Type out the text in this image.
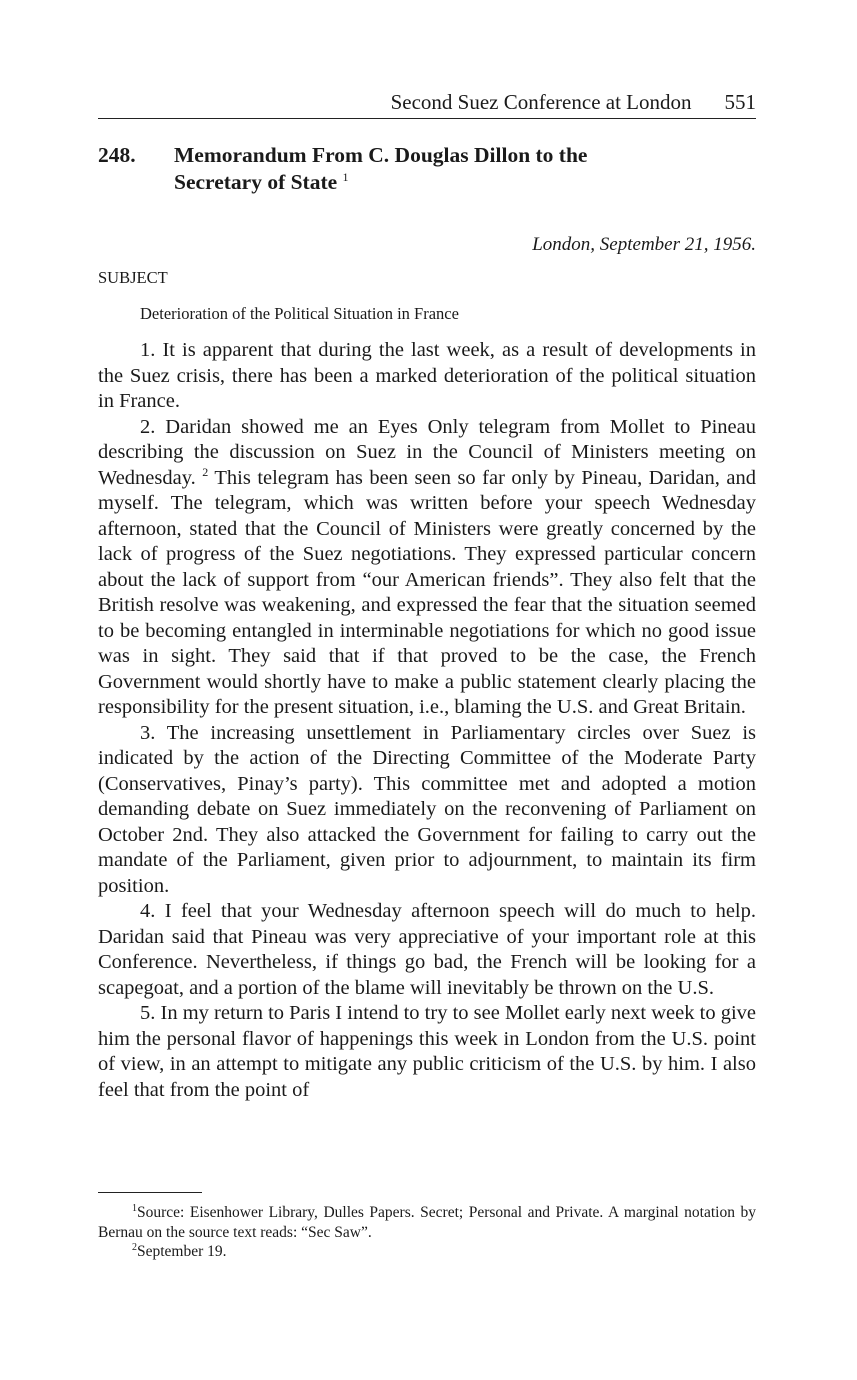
Second Suez Conference at London 551
248.	Memorandum From C. Douglas Dillon to the
Secretary of State $^1$
London, September 21, 1956.
SUBJECT
Deterioration of the Political Situation in France

1. It is apparent that during the last week, as a result of developments in the Suez crisis, there has been a marked deterioration of the political situation in France.

2. Daridan showed me an Eyes Only telegram from Mollet to Pineau describing the discussion on Suez in the Council of Ministers meeting on Wednesday. $^2$ This telegram has been seen so far only by Pineau, Daridan, and myself. The telegram, which was written before your speech Wednesday afternoon, stated that the Council of Ministers were greatly concerned by the lack of progress of the Suez negotiations. They expressed particular concern about the lack of support from “our American friends”. They also felt that the British resolve was weakening, and expressed the fear that the situation seemed to be becoming entangled in interminable negotiations for which no good issue was in sight. They said that if that proved to be the case, the French Government would shortly have to make a public statement clearly placing the responsibility for the present situation, i.e., blaming the U.S. and Great Britain.

3. The increasing unsettlement in Parliamentary circles over Suez is indicated by the action of the Directing Committee of the Moderate Party (Conservatives, Pinay’s party). This committee met and adopted a motion demanding debate on Suez immediately on the reconvening of Parliament on October 2nd. They also attacked the Government for failing to carry out the mandate of the Parliament, given prior to adjournment, to maintain its firm position.

4. I feel that your Wednesday afternoon speech will do much to help. Daridan said that Pineau was very appreciative of your important role at this Conference. Nevertheless, if things go bad, the French will be looking for a scapegoat, and a portion of the blame will inevitably be thrown on the U.S.

5. In my return to Paris I intend to try to see Mollet early next week to give him the personal flavor of happenings this week in London from the U.S. point of view, in an attempt to mitigate any public criticism of the U.S. by him. I also feel that from the point of

$^1$Source: Eisenhower Library, Dulles Papers. Secret; Personal and Private. A marginal notation by Bernau on the source text reads: “Sec Saw”.

$^2$September 19.
